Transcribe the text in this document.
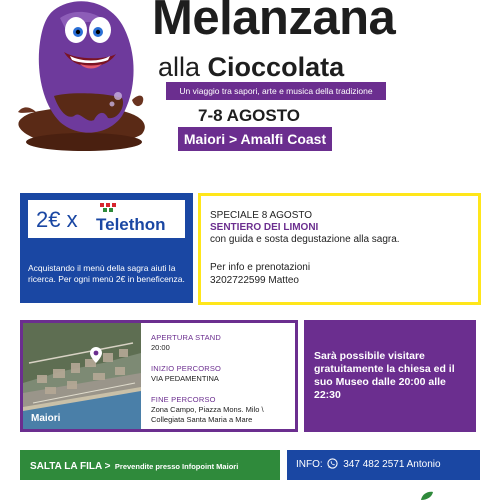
Melanzana
alla Cioccolata
Un viaggio tra sapori, arte e musica della tradizione
7-8 AGOSTO
Maiori > Amalfi Coast
2€ x Telethon
Acquistando il menù della sagra aiuti la ricerca. Per ogni menù 2€ in beneficenza.
SPECIALE 8 AGOSTO
SENTIERO DEI LIMONI
con guida e sosta degustazione alla sagra.
Per info e prenotazioni
3202722599 Matteo
Maiori
APERTURA STAND
20:00
INIZIO PERCORSO
VIA PEDAMENTINA
FINE PERCORSO
Zona Campo, Piazza Mons. Milo \
Collegiata Santa Maria a Mare
Sarà possibile visitare gratuitamente la chiesa ed il suo Museo dalle 20:00 alle 22:30
SALTA LA FILA > Prevendite presso Infopoint Maiori	INFO: 347 482 2571 Antonio
